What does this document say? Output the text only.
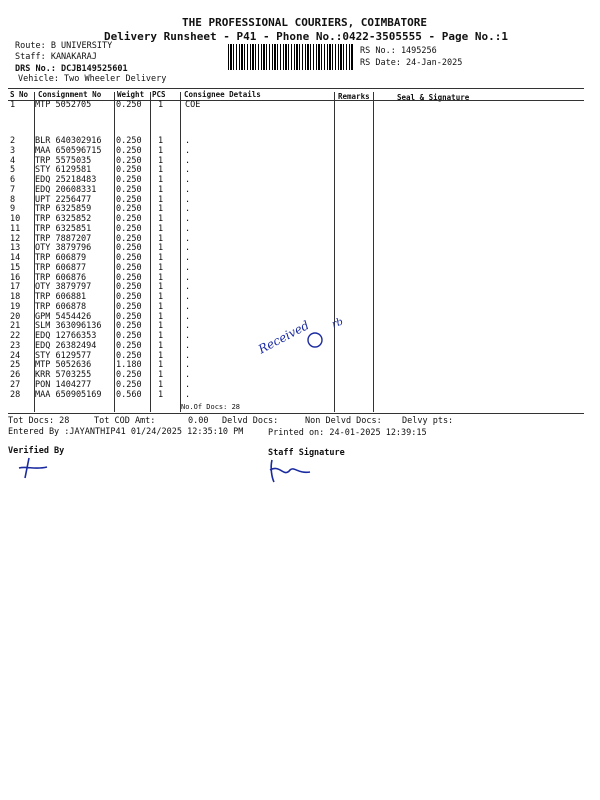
THE PROFESSIONAL COURIERS, COIMBATORE
Delivery Runsheet - P41 - Phone No.:0422-3505555 - Page No.:1
Route: B UNIVERSITY
Staff: KANAKARAJ
DRS No.: DCJB149525601
Vehicle: Two Wheeler Delivery
RS No.: 1495256
RS Date: 24-Jan-2025
S No Consignment No Weight PCS Consignee Details	Remarks	Seal & Signature
1 MTP 5052705	0.250 1	COE
2 BLR 640302916 0.250 1	.
3 MAA 650596715 0.250 1	.
4 TRP 5575035	0.250 1	.
5 STY 6129581	0.250 1	.
6 EDQ 25218483 0.250 1	.
7 EDQ 20608331 0.250 1	.
8 UPT 2256477	0.250 1	.
9 TRP 6325859	0.250 1	.
10 TRP 6325852	0.250 1	.
11 TRP 6325851	0.250 1	.
12 TRP 7887207	0.250 1	.
13 OTY 3879796	0.250 1	.
14 TRP 606879	0.250 1	.
15 TRP 606877	0.250 1	.
16 TRP 606876	0.250 1	.
17 OTY 3879797	0.250 1	.
18 TRP 606881	0.250 1	.
19 TRP 606878	0.250 1	.
20 GPM 5454426	0.250 1	.
21 SLM 363096136 0.250 1	.
22 EDQ 12766353 0.250 1	.
23 EDQ 26382494 0.250 1	.
24 STY 6129577	0.250 1	.
25 MTP 5052636	1.180 1	.
26 KRR 5703255	0.250 1	.
27 PON 1404277	0.250 1	.
28 MAA 650905169 0.560 1	.
No.Of Docs: 28
Tot Docs: 28	Tot COD Amt:	0.00 Delvd Docs:	Non Delvd Docs: Delvy pts:
Entered By :JAYANTHIP41 01/24/2025 12:35:10 PM	Printed on: 24-01-2025 12:39:15
Verified By	Staff Signature
Received rb
